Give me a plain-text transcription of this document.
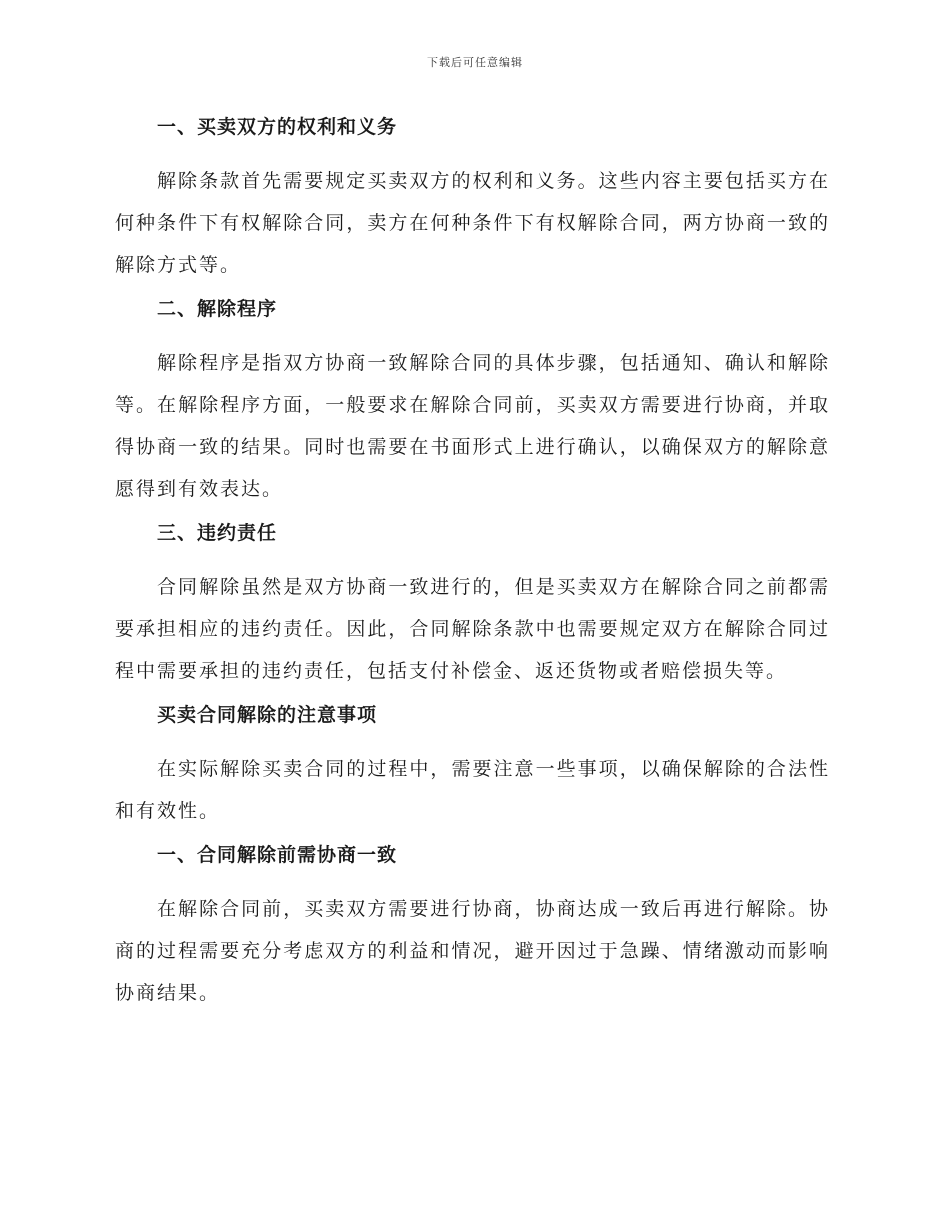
下载后可任意编辑
一、买卖双方的权利和义务

解除条款首先需要规定买卖双方的权利和义务。这些内容主要包括买方在何种条件下有权解除合同，卖方在何种条件下有权解除合同，两方协商一致的解除方式等。

二、解除程序

解除程序是指双方协商一致解除合同的具体步骤，包括通知、确认和解除等。在解除程序方面，一般要求在解除合同前，买卖双方需要进行协商，并取得协商一致的结果。同时也需要在书面形式上进行确认，以确保双方的解除意愿得到有效表达。

三、违约责任

合同解除虽然是双方协商一致进行的，但是买卖双方在解除合同之前都需要承担相应的违约责任。因此，合同解除条款中也需要规定双方在解除合同过程中需要承担的违约责任，包括支付补偿金、返还货物或者赔偿损失等。

买卖合同解除的注意事项

在实际解除买卖合同的过程中，需要注意一些事项，以确保解除的合法性和有效性。

一、合同解除前需协商一致

在解除合同前，买卖双方需要进行协商，协商达成一致后再进行解除。协商的过程需要充分考虑双方的利益和情况，避开因过于急躁、情绪激动而影响协商结果。
